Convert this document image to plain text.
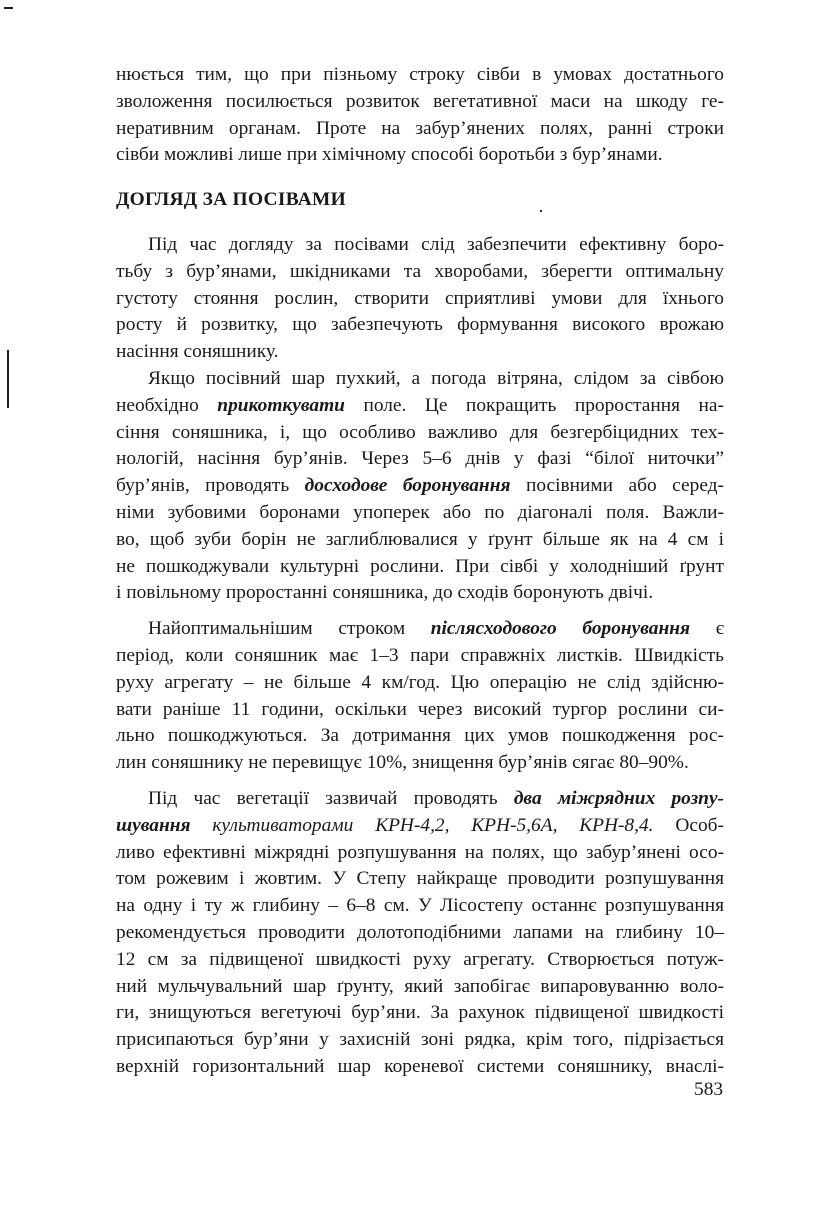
нюється тим, що при пізньому строку сівби в умовах достатнього
зволоження посилюється розвиток вегетативної маси на шкоду ге-
неративним органам. Проте на забур’янених полях, ранні строки
сівби можливі лише при хімічному способі боротьби з бур’янами.
ДОГЛЯД ЗА ПОСІВАМИ
Під час догляду за посівами слід забезпечити ефективну боро-
тьбу з бур’янами, шкідниками та хворобами, зберегти оптимальну
густоту стояння рослин, створити сприятливі умови для їхнього
росту й розвитку, що забезпечують формування високого врожаю
насіння соняшнику.
Якщо посівний шар пухкий, а погода вітряна, слідом за сівбою
необхідно прикоткувати поле. Це покращить проростання на-
сіння соняшника, і, що особливо важливо для безгербіцидних тех-
нологій, насіння бур’янів. Через 5–6 днів у фазі “білої ниточки”
бур’янів, проводять досходове боронування посівними або серед-
німи зубовими боронами упоперек або по діагоналі поля. Важли-
во, щоб зуби борін не заглиблювалися у ґрунт більше як на 4 см і
не пошкоджували культурні рослини. При сівбі у холодніший ґрунт
і повільному проростанні соняшника, до сходів боронують двічі.
Найоптимальнішим строком післясходового боронування є
період, коли соняшник має 1–3 пари справжніх листків. Швидкість
руху агрегату – не більше 4 км/год. Цю операцію не слід здійсню-
вати раніше 11 години, оскільки через високий тургор рослини си-
льно пошкоджуються. За дотримання цих умов пошкодження рос-
лин соняшнику не перевищує 10%, знищення бур’янів сягає 80–90%.
Під час вегетації зазвичай проводять два міжрядних розпу-
шування культиваторами КРН-4,2, КРН-5,6А, КРН-8,4. Особ-
ливо ефективні міжрядні розпушування на полях, що забур’янені осо-
том рожевим і жовтим. У Степу найкраще проводити розпушування
на одну і ту ж глибину – 6–8 см. У Лісостепу останнє розпушування
рекомендується проводити долотоподібними лапами на глибину 10–
12 см за підвищеної швидкості руху агрегату. Створюється потуж-
ний мульчувальний шар ґрунту, який запобігає випаровуванню воло-
ги, знищуються вегетуючі бур’яни. За рахунок підвищеної швидкості
присипаються бур’яни у захисній зоні рядка, крім того, підрізається
верхній горизонтальний шар кореневої системи соняшнику, внаслі-
583
